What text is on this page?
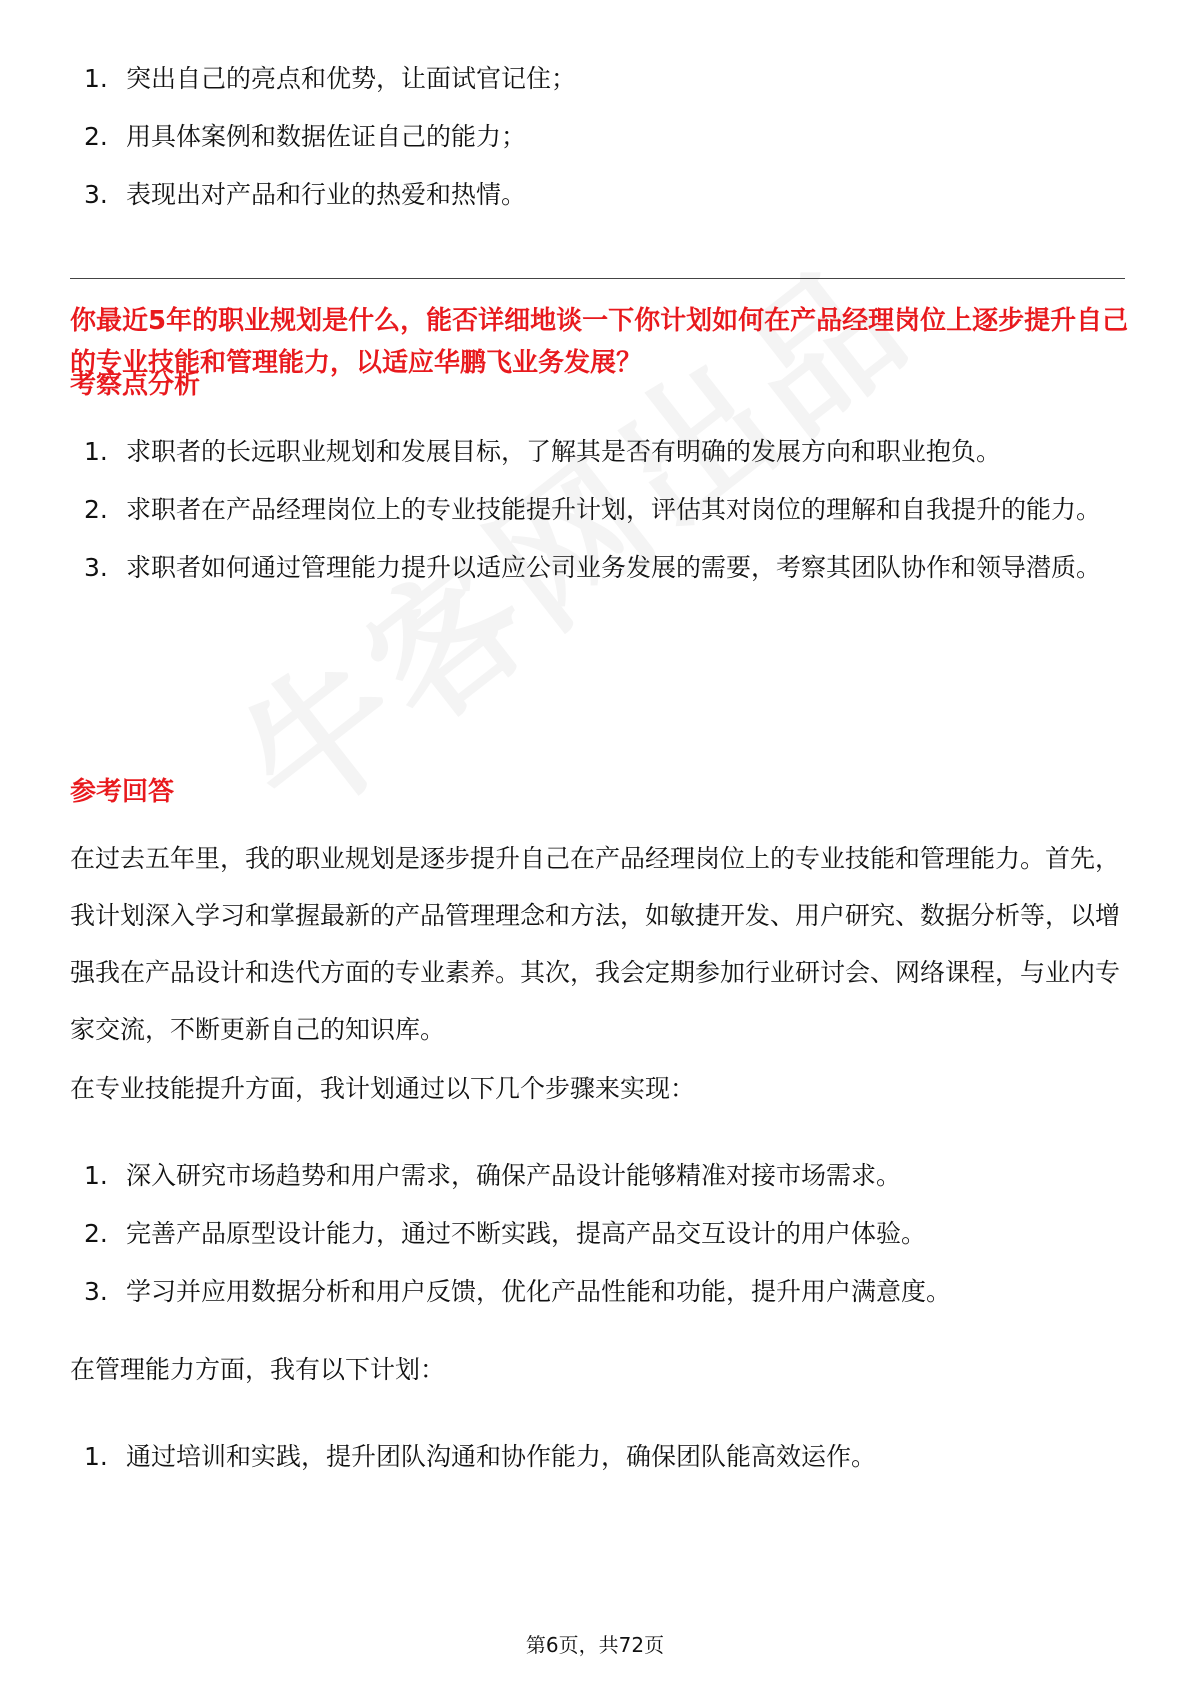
1. 突出自己的亮点和优势，让面试官记住；
2. 用具体案例和数据佐证自己的能力；
3. 表现出对产品和行业的热爱和热情。
你最近5年的职业规划是什么，能否详细地谈一下你计划如何在产品经理岗位上逐步提升自己的专业技能和管理能力，以适应华鹏飞业务发展？
考察点分析
1. 求职者的长远职业规划和发展目标，了解其是否有明确的发展方向和职业抱负。
2. 求职者在产品经理岗位上的专业技能提升计划，评估其对岗位的理解和自我提升的能力。
3. 求职者如何通过管理能力提升以适应公司业务发展的需要，考察其团队协作和领导潜质。
参考回答

在过去五年里，我的职业规划是逐步提升自己在产品经理岗位上的专业技能和管理能力。首先，我计划深入学习和掌握最新的产品管理理念和方法，如敏捷开发、用户研究、数据分析等，以增强我在产品设计和迭代方面的专业素养。其次，我会定期参加行业研讨会、网络课程，与业内专家交流，不断更新自己的知识库。

在专业技能提升方面，我计划通过以下几个步骤来实现：

1. 深入研究市场趋势和用户需求，确保产品设计能够精准对接市场需求。
2. 完善产品原型设计能力，通过不断实践，提高产品交互设计的用户体验。
3. 学习并应用数据分析和用户反馈，优化产品性能和功能，提升用户满意度。

在管理能力方面，我有以下计划：

1. 通过培训和实践，提升团队沟通和协作能力，确保团队能高效运作。
第6页，共72页
